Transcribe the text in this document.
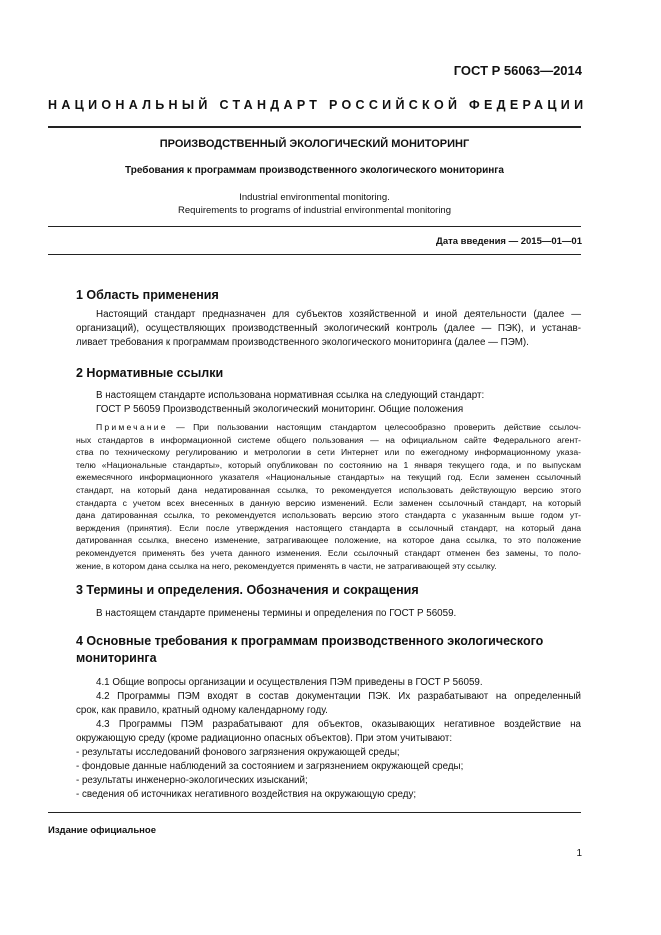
ГОСТ Р 56063—2014
НАЦИОНАЛЬНЫЙ СТАНДАРТ РОССИЙСКОЙ ФЕДЕРАЦИИ
ПРОИЗВОДСТВЕННЫЙ ЭКОЛОГИЧЕСКИЙ МОНИТОРИНГ
Требования к программам производственного экологического мониторинга
Industrial environmental monitoring.
Requirements to programs of industrial environmental monitoring
Дата введения — 2015—01—01
1 Область применения
Настоящий стандарт предназначен для субъектов хозяйственной и иной деятельности (далее —
организаций), осуществляющих производственный экологический контроль (далее — ПЭК), и устанав-
ливает требования к программам производственного экологического мониторинга (далее — ПЭМ).
2 Нормативные ссылки
В настоящем стандарте использована нормативная ссылка на следующий стандарт:
ГОСТ Р 56059 Производственный экологический мониторинг. Общие положения
Примечание — При пользовании настоящим стандартом целесообразно проверить действие ссылоч-
ных стандартов в информационной системе общего пользования — на официальном сайте Федерального агент-
ства по техническому регулированию и метрологии в сети Интернет или по ежегодному информационному указа-
телю «Национальные стандарты», который опубликован по состоянию на 1 января текущего года, и по выпускам
ежемесячного информационного указателя «Национальные стандарты» на текущий год. Если заменен ссылочный
стандарт, на который дана недатированная ссылка, то рекомендуется использовать действующую версию этого
стандарта с учетом всех внесенных в данную версию изменений. Если заменен ссылочный стандарт, на который
дана датированная ссылка, то рекомендуется использовать версию этого стандарта с указанным выше годом ут-
верждения (принятия). Если после утверждения настоящего стандарта в ссылочный стандарт, на который дана
датированная ссылка, внесено изменение, затрагивающее положение, на которое дана ссылка, то это положение
рекомендуется применять без учета данного изменения. Если ссылочный стандарт отменен без замены, то поло-
жение, в котором дана ссылка на него, рекомендуется применять в части, не затрагивающей эту ссылку.
3 Термины и определения. Обозначения и сокращения
В настоящем стандарте применены термины и определения по ГОСТ Р 56059.
4 Основные требования к программам производственного экологического
мониторинга
4.1 Общие вопросы организации и осуществления ПЭМ приведены в ГОСТ Р 56059.
4.2 Программы ПЭМ входят в состав документации ПЭК. Их разрабатывают на определенный
срок, как правило, кратный одному календарному году.
4.3 Программы ПЭМ разрабатывают для объектов, оказывающих негативное воздействие на
окружающую среду (кроме радиационно опасных объектов). При этом учитывают:
- результаты исследований фонового загрязнения окружающей среды;
- фондовые данные наблюдений за состоянием и загрязнением окружающей среды;
- результаты инженерно-экологических изысканий;
- сведения об источниках негативного воздействия на окружающую среду;
Издание официальное
1
